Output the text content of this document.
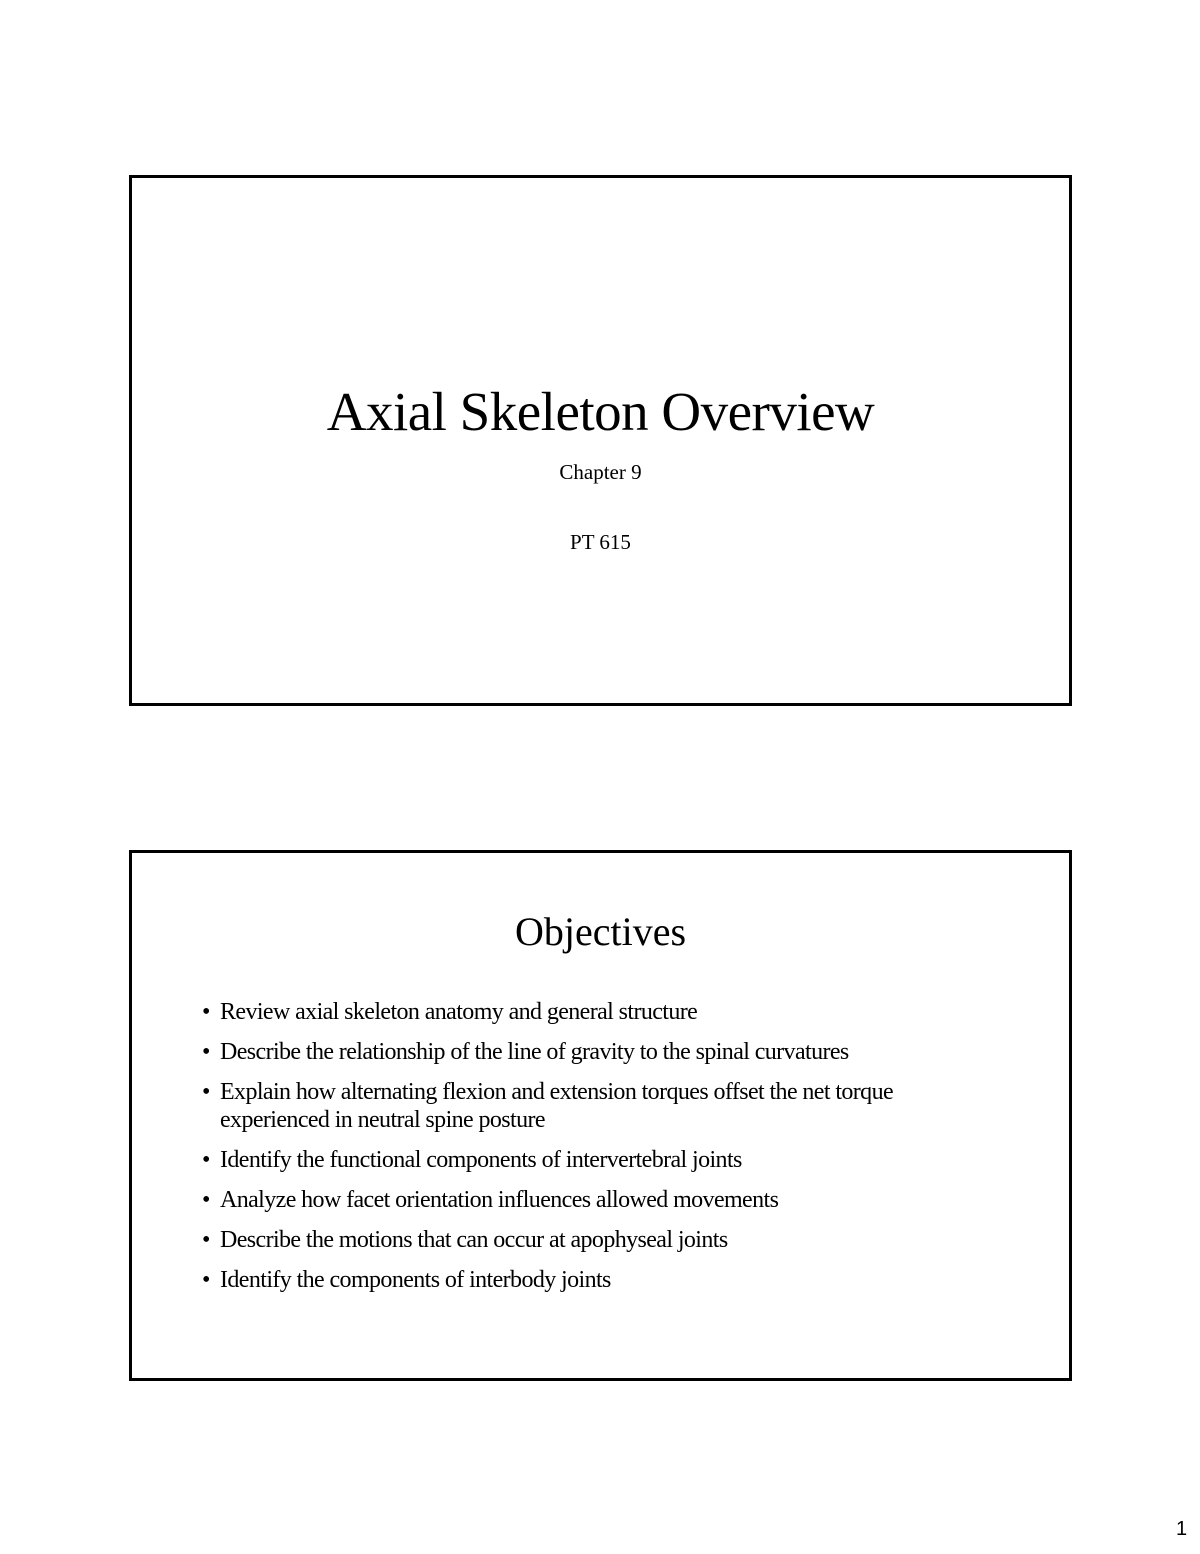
Axial Skeleton Overview
Chapter 9
PT 615
Objectives
• Review axial skeleton anatomy and general structure
• Describe the relationship of the line of gravity to the spinal curvatures
• Explain how alternating flexion and extension torques offset the net torque experienced in neutral spine posture
• Identify the functional components of intervertebral joints
• Analyze how facet orientation influences allowed movements
• Describe the motions that can occur at apophyseal joints
• Identify the components of interbody joints
1
